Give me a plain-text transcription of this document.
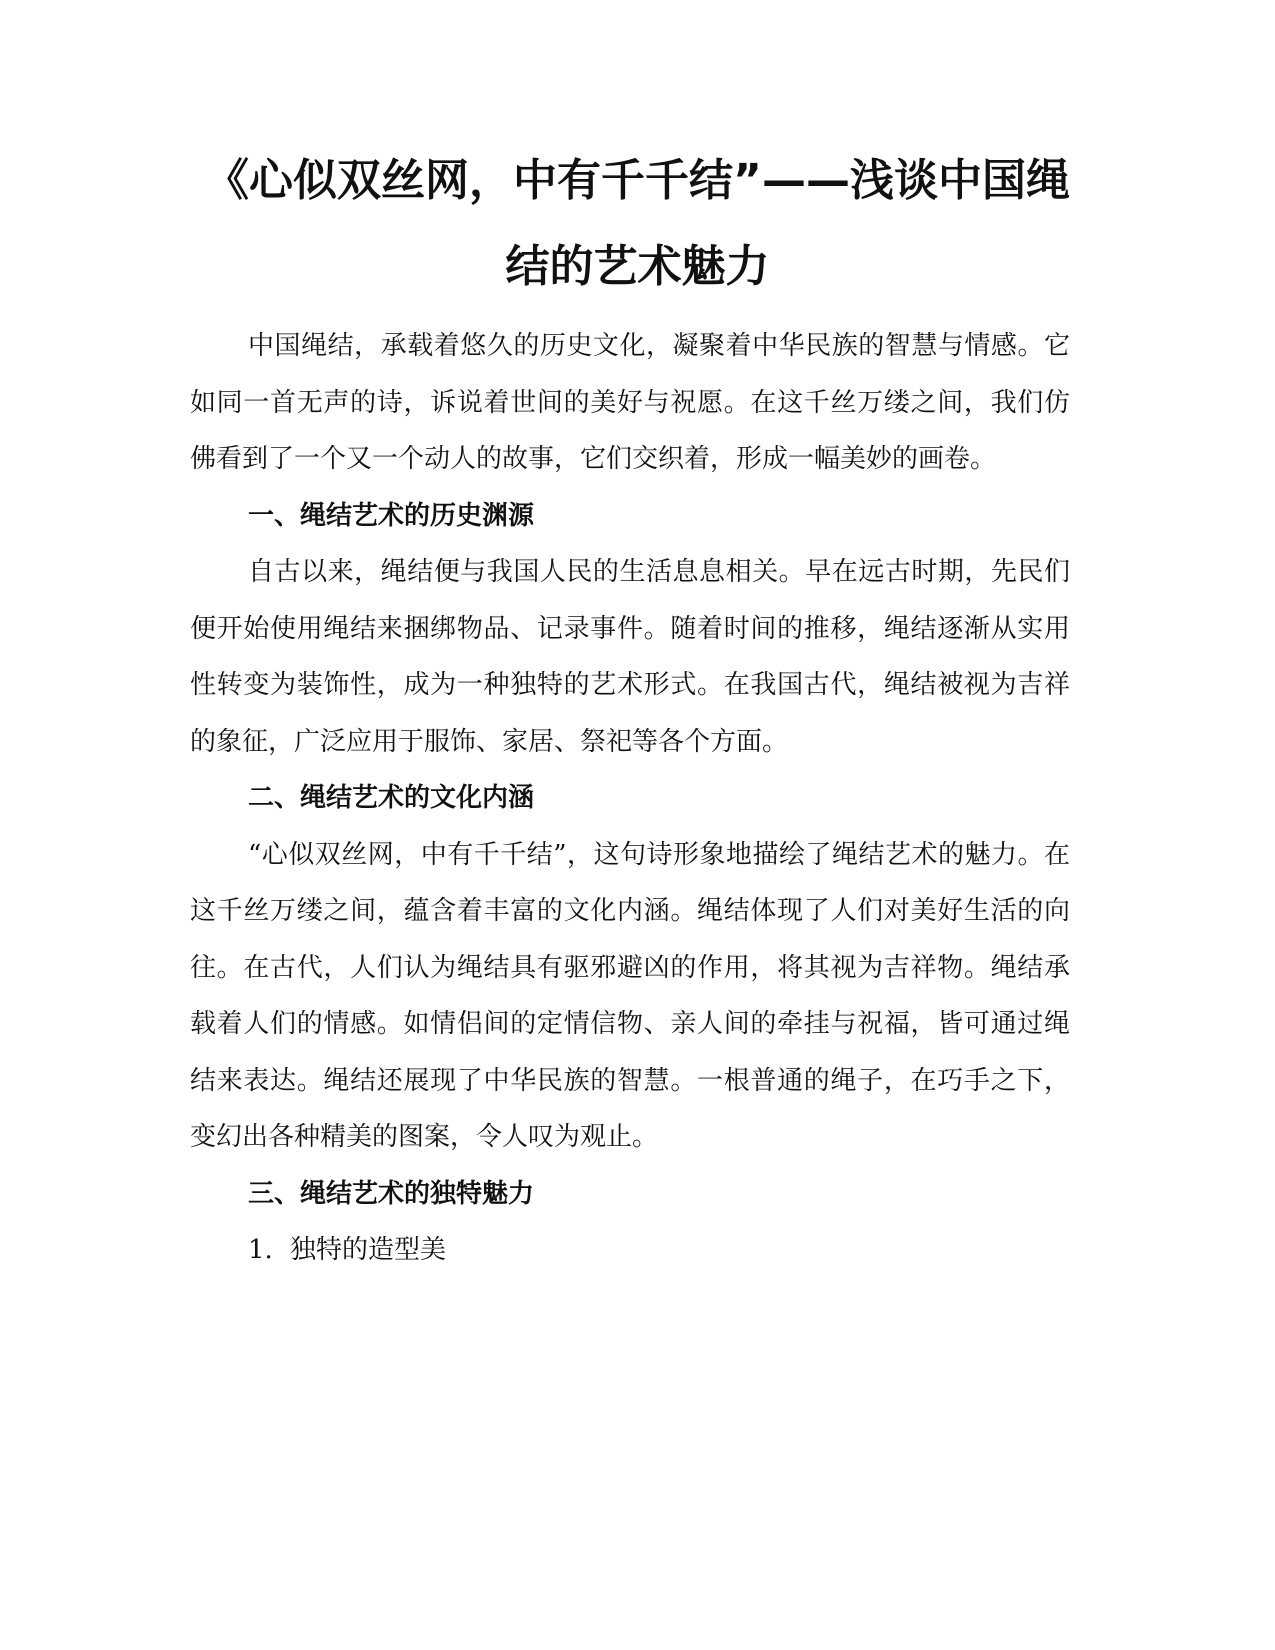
《心似双丝网，中有千千结”——浅谈中国绳
结的艺术魅力

中国绳结，承载着悠久的历史文化，凝聚着中华民族的智慧与情感。它如同一首无声的诗，诉说着世间的美好与祝愿。在这千丝万缕之间，我们仿佛看到了一个又一个动人的故事，它们交织着，形成一幅美妙的画卷。

一、绳结艺术的历史渊源

自古以来，绳结便与我国人民的生活息息相关。早在远古时期，先民们便开始使用绳结来捆绑物品、记录事件。随着时间的推移，绳结逐渐从实用性转变为装饰性，成为一种独特的艺术形式。在我国古代，绳结被视为吉祥的象征，广泛应用于服饰、家居、祭祀等各个方面。

二、绳结艺术的文化内涵

“心似双丝网，中有千千结”，这句诗形象地描绘了绳结艺术的魅力。在这千丝万缕之间，蕴含着丰富的文化内涵。绳结体现了人们对美好生活的向往。在古代，人们认为绳结具有驱邪避凶的作用，将其视为吉祥物。绳结承载着人们的情感。如情侣间的定情信物、亲人间的牵挂与祝福，皆可通过绳结来表达。绳结还展现了中华民族的智慧。一根普通的绳子，在巧手之下，变幻出各种精美的图案，令人叹为观止。

三、绳结艺术的独特魅力

1. 独特的造型美
